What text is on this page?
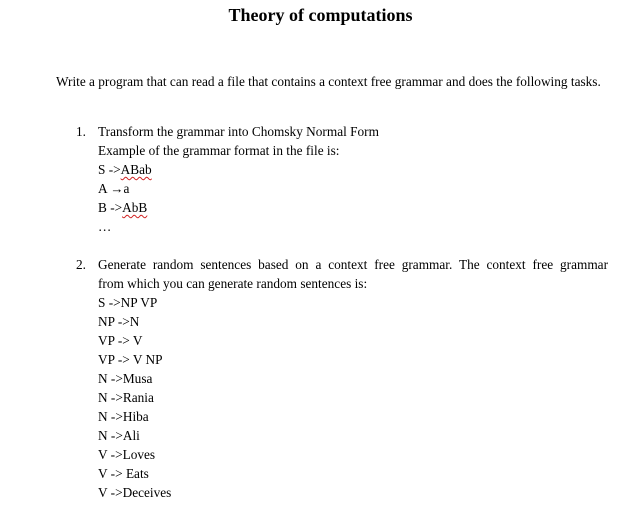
Theory of computations
Write a program that can read a file that contains a context free grammar and does the following tasks.
1. Transform the grammar into Chomsky Normal Form
Example of the grammar format in the file is:
S ->ABab
A →a
B ->AbB
…
2. Generate random sentences based on a context free grammar. The context free grammar
from which you can generate random sentences is:
S ->NP VP
NP ->N
VP -> V
VP -> V NP
N ->Musa
N ->Rania
N ->Hiba
N ->Ali
V ->Loves
V -> Eats
V ->Deceives
